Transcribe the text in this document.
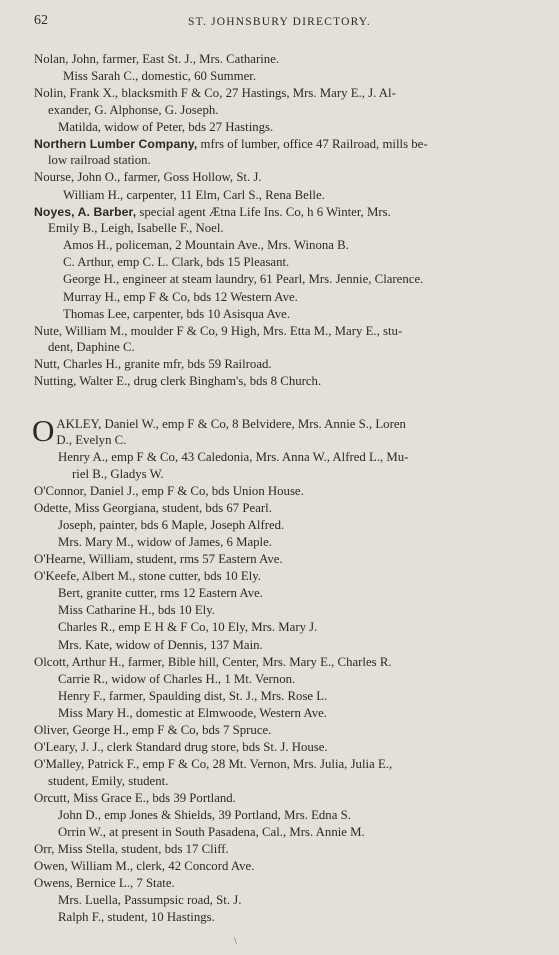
62	ST. JOHNSBURY DIRECTORY.
Nolan, John, farmer, East St. J., Mrs. Catharine.
Miss Sarah C., domestic, 60 Summer.
Nolin, Frank X., blacksmith F & Co, 27 Hastings, Mrs. Mary E., J. Al-
exander, G. Alphonse, G. Joseph.
Matilda, widow of Peter, bds 27 Hastings.
Northern Lumber Company, mfrs of lumber, office 47 Railroad, mills be-
low railroad station.
Nourse, John O., farmer, Goss Hollow, St. J.
William H., carpenter, 11 Elm, Carl S., Rena Belle.
Noyes, A. Barber, special agent Ætna Life Ins. Co, h 6 Winter, Mrs.
Emily B., Leigh, Isabelle F., Noel.
Amos H., policeman, 2 Mountain Ave., Mrs. Winona B.
C. Arthur, emp C. L. Clark, bds 15 Pleasant.
George H., engineer at steam laundry, 61 Pearl, Mrs. Jennie, Clarence.
Murray H., emp F & Co, bds 12 Western Ave.
Thomas Lee, carpenter, bds 10 Asisqua Ave.
Nute, William M., moulder F & Co, 9 High, Mrs. Etta M., Mary E., stu-
dent, Daphine C.
Nutt, Charles H., granite mfr, bds 59 Railroad.
Nutting, Walter E., drug clerk Bingham's, bds 8 Church.
OAKLEY, Daniel W., emp F & Co, 8 Belvidere, Mrs. Annie S., Loren
D., Evelyn C.
Henry A., emp F & Co, 43 Caledonia, Mrs. Anna W., Alfred L., Mu-
riel B., Gladys W.
O'Connor, Daniel J., emp F & Co, bds Union House.
Odette, Miss Georgiana, student, bds 67 Pearl.
Joseph, painter, bds 6 Maple, Joseph Alfred.
Mrs. Mary M., widow of James, 6 Maple.
O'Hearne, William, student, rms 57 Eastern Ave.
O'Keefe, Albert M., stone cutter, bds 10 Ely.
Bert, granite cutter, rms 12 Eastern Ave.
Miss Catharine H., bds 10 Ely.
Charles R., emp E H & F Co, 10 Ely, Mrs. Mary J.
Mrs. Kate, widow of Dennis, 137 Main.
Olcott, Arthur H., farmer, Bible hill, Center, Mrs. Mary E., Charles R.
Carrie R., widow of Charles H., 1 Mt. Vernon.
Henry F., farmer, Spaulding dist, St. J., Mrs. Rose L.
Miss Mary H., domestic at Elmwoode, Western Ave.
Oliver, George H., emp F & Co, bds 7 Spruce.
O'Leary, J. J., clerk Standard drug store, bds St. J. House.
O'Malley, Patrick F., emp F & Co, 28 Mt. Vernon, Mrs. Julia, Julia E.,
student, Emily, student.
Orcutt, Miss Grace E., bds 39 Portland.
John D., emp Jones & Shields, 39 Portland, Mrs. Edna S.
Orrin W., at present in South Pasadena, Cal., Mrs. Annie M.
Orr, Miss Stella, student, bds 17 Cliff.
Owen, William M., clerk, 42 Concord Ave.
Owens, Bernice L., 7 State.
Mrs. Luella, Passumpsic road, St. J.
Ralph F., student, 10 Hastings.
\
